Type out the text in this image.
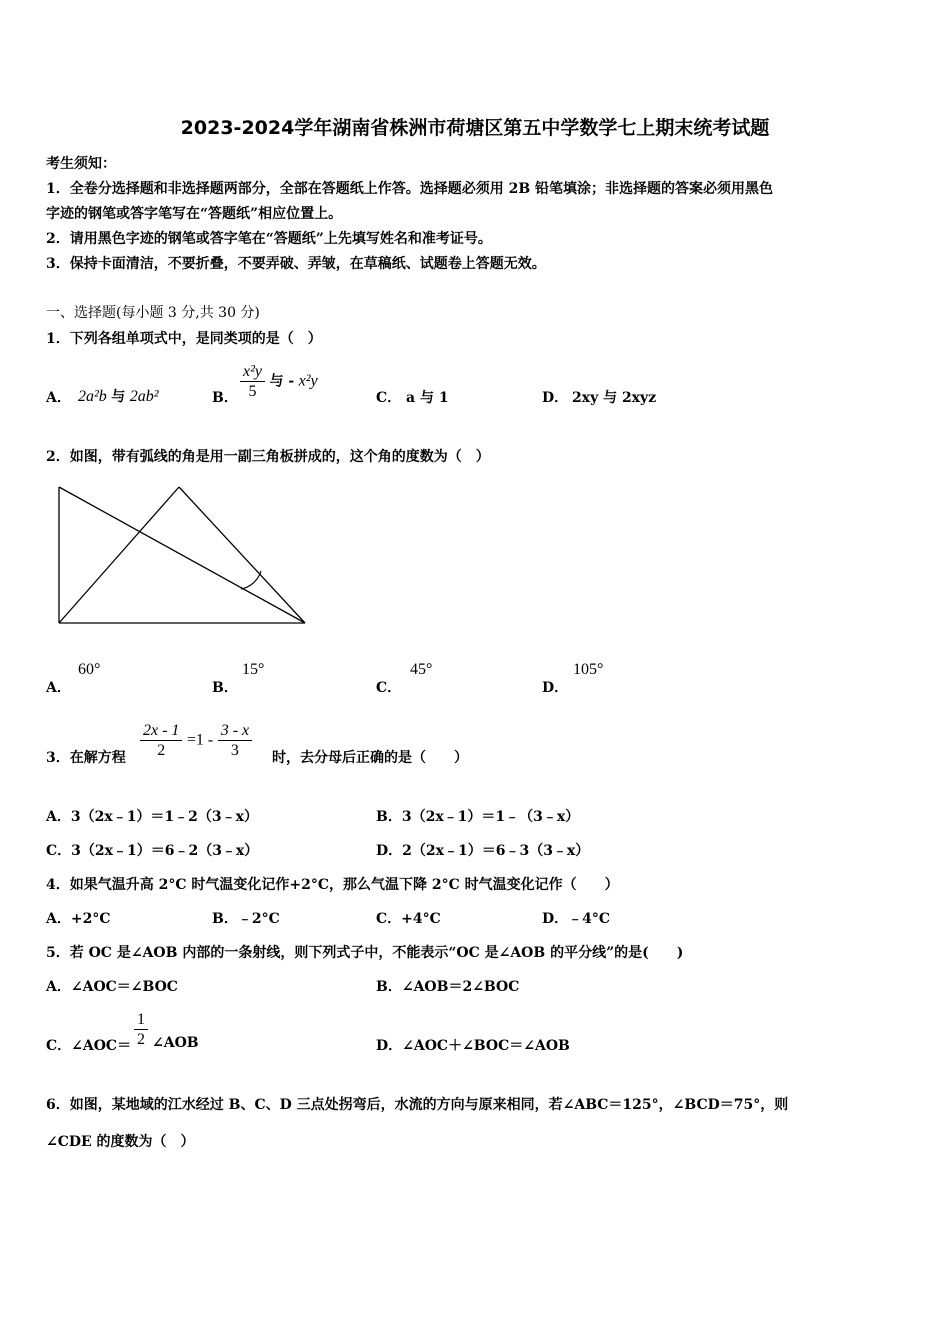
2023-2024学年湖南省株洲市荷塘区第五中学数学七上期末统考试题
考生须知：
1．全卷分选择题和非选择题两部分，全部在答题纸上作答。选择题必须用 2B 铅笔填涂；非选择题的答案必须用黑色
字迹的钢笔或答字笔写在“答题纸”相应位置上。
2．请用黑色字迹的钢笔或答字笔在“答题纸”上先填写姓名和准考证号。
3．保持卡面清洁，不要折叠，不要弄破、弄皱，在草稿纸、试题卷上答题无效。
一、选择题(每小题 3 分,共 30 分)
1．下列各组单项式中，是同类项的是（　）
A． 2a²b 与 2ab²	B． $\frac{\text{x²y}}{5}$ 与 - x²y
C． a 与 1	D． 2xy 与 2xyz
2．如图，带有弧线的角是用一副三角板拼成的，这个角的度数为（　）
A．
60°
B．
15°
C．
45°
D．
105°
3．在解方程 $\frac{2x - 1}{2} =1 - \frac{3 - x}{3}$ 时，去分母后正确的是（　　）
A．3（2x﹣1）＝1﹣2（3﹣x）	B．3（2x﹣1）＝1﹣（3﹣x）
C．3（2x﹣1）＝6﹣2（3﹣x）	D．2（2x﹣1）＝6﹣3（3﹣x）
4．如果气温升高 2°C 时气温变化记作+2°C，那么气温下降 2°C 时气温变化记作（　　）
A．+2°C	B．﹣2°C	C．+4°C	D．﹣4°C
5．若 OC 是∠AOB 内部的一条射线，则下列式子中，不能表示“OC 是∠AOB 的平分线”的是(　　)
A．∠AOC＝∠BOC	B．∠AOB＝2∠BOC
C．∠AOC＝ $\frac{1}{2}$ ∠AOB	D．∠AOC＋∠BOC＝∠AOB
6．如图，某地域的江水经过 B、C、D 三点处拐弯后，水流的方向与原来相同，若∠ABC＝125°，∠BCD＝75°，则
∠CDE 的度数为（　）
